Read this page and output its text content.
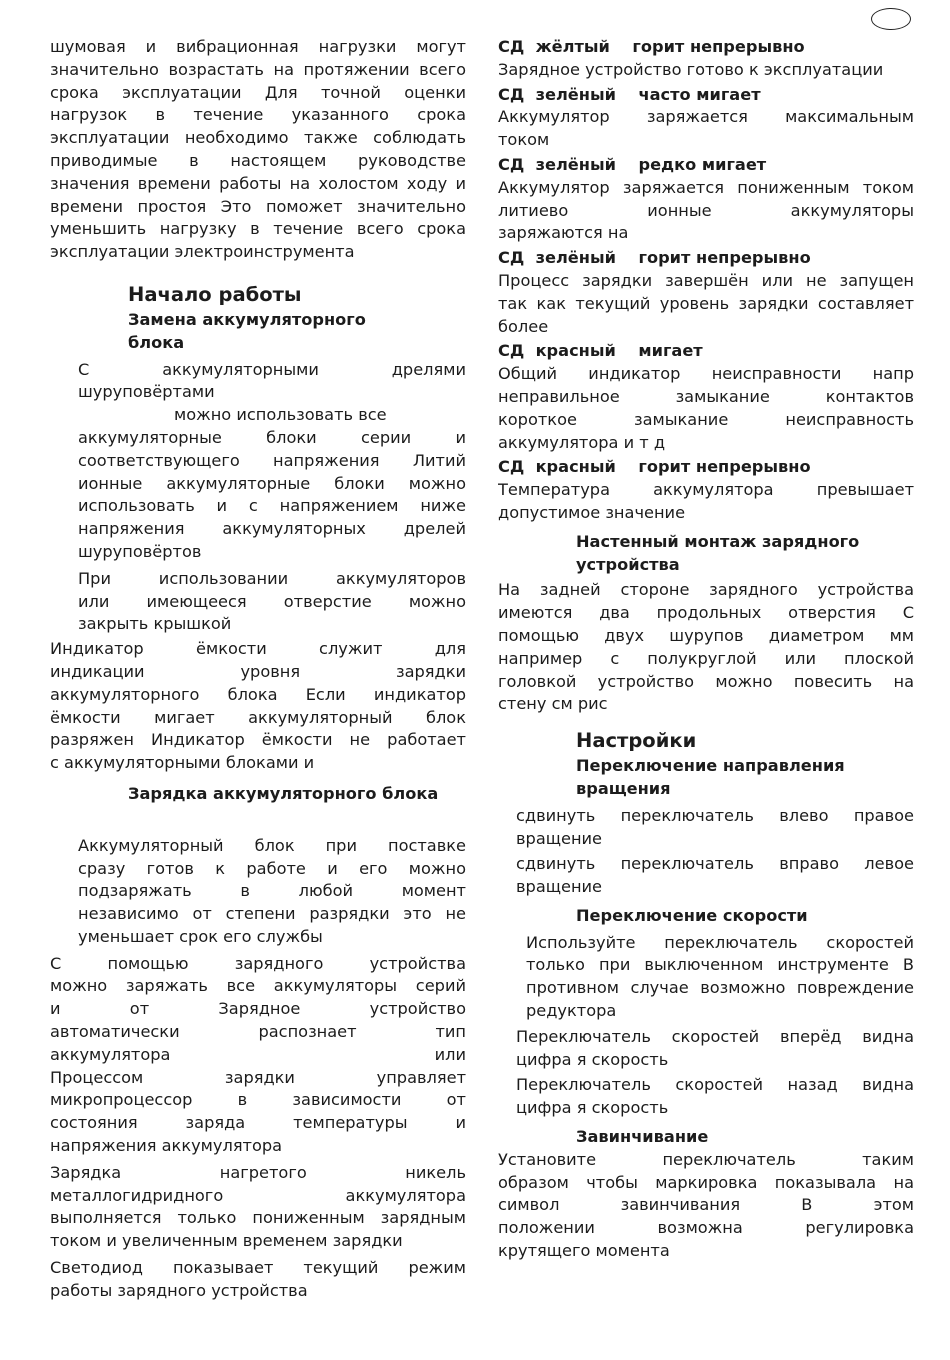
шумовая и вибрационная нагрузки могут
значительно возрастать на протяжении всего
срока эксплуатации Для точной оценки
нагрузок в течение указанного срока
эксплуатации необходимо также соблюдать
приводимые в настоящем руководстве
значения времени работы на холостом ходу и
времени простоя Это поможет значительно
уменьшить нагрузку в течение всего срока
эксплуатации электроинструмента
Начало работы
Замена аккумуляторного
блока
С аккумуляторными дрелями
шуруповёртами
можно использовать все
аккумуляторные блоки серии и
соответствующего напряжения Литий
ионные аккумуляторные блоки можно
использовать и с напряжением ниже
напряжения аккумуляторных дрелей
шуруповёртов
При использовании аккумуляторов
или имеющееся отверстие можно
закрыть крышкой
Индикатор ёмкости служит для
индикации уровня зарядки
аккумуляторного блока Если индикатор
ёмкости мигает аккумуляторный блок
разряжен Индикатор ёмкости не работает
с аккумуляторными блоками и
Зарядка аккумуляторного блока
Аккумуляторный блок при поставке
сразу готов к работе и его можно
подзаряжать в любой момент
независимо от степени разрядки это не
уменьшает срок его службы
С помощью зарядного устройства
можно заряжать все аккумуляторы серий
и от Зарядное устройство
автоматически распознает тип
аккумулятора или
Процессом зарядки управляет
микропроцессор в зависимости от
состояния заряда температуры и
напряжения аккумулятора
Зарядка нагретого никель
металлогидридного аккумулятора
выполняется только пониженным зарядным
током и увеличенным временем зарядки
Светодиод показывает текущий режим
работы зарядного устройства
СД  жёлтый    горит непрерывно
Зарядное устройство готово к эксплуатации
СД  зелёный    часто мигает
Аккумулятор заряжается максимальным
током
СД  зелёный    редко мигает
Аккумулятор заряжается пониженным током
литиево ионные аккумуляторы
заряжаются на
СД  зелёный    горит непрерывно
Процесс зарядки завершён или не запущен
так как текущий уровень зарядки составляет
более
СД  красный    мигает
Общий индикатор неисправности напр
неправильное замыкание контактов
короткое замыкание неисправность
аккумулятора и т д
СД  красный    горит непрерывно
Температура аккумулятора превышает
допустимое значение
Настенный монтаж зарядного
устройства
На задней стороне зарядного устройства
имеются два продольных отверстия С
помощью двух шурупов диаметром мм
например с полукруглой или плоской
головкой устройство можно повесить на
стену см рис
Настройки
Переключение направления
вращения
сдвинуть переключатель влево правое
вращение
сдвинуть переключатель вправо левое
вращение
Переключение скорости
Используйте переключатель скоростей
только при выключенном инструменте В
противном случае возможно повреждение
редуктора
Переключатель скоростей вперёд видна
цифра я скорость
Переключатель скоростей назад видна
цифра я скорость
Завинчивание
Установите переключатель таким
образом чтобы маркировка показывала на
символ завинчивания В этом
положении возможна регулировка
крутящего момента
